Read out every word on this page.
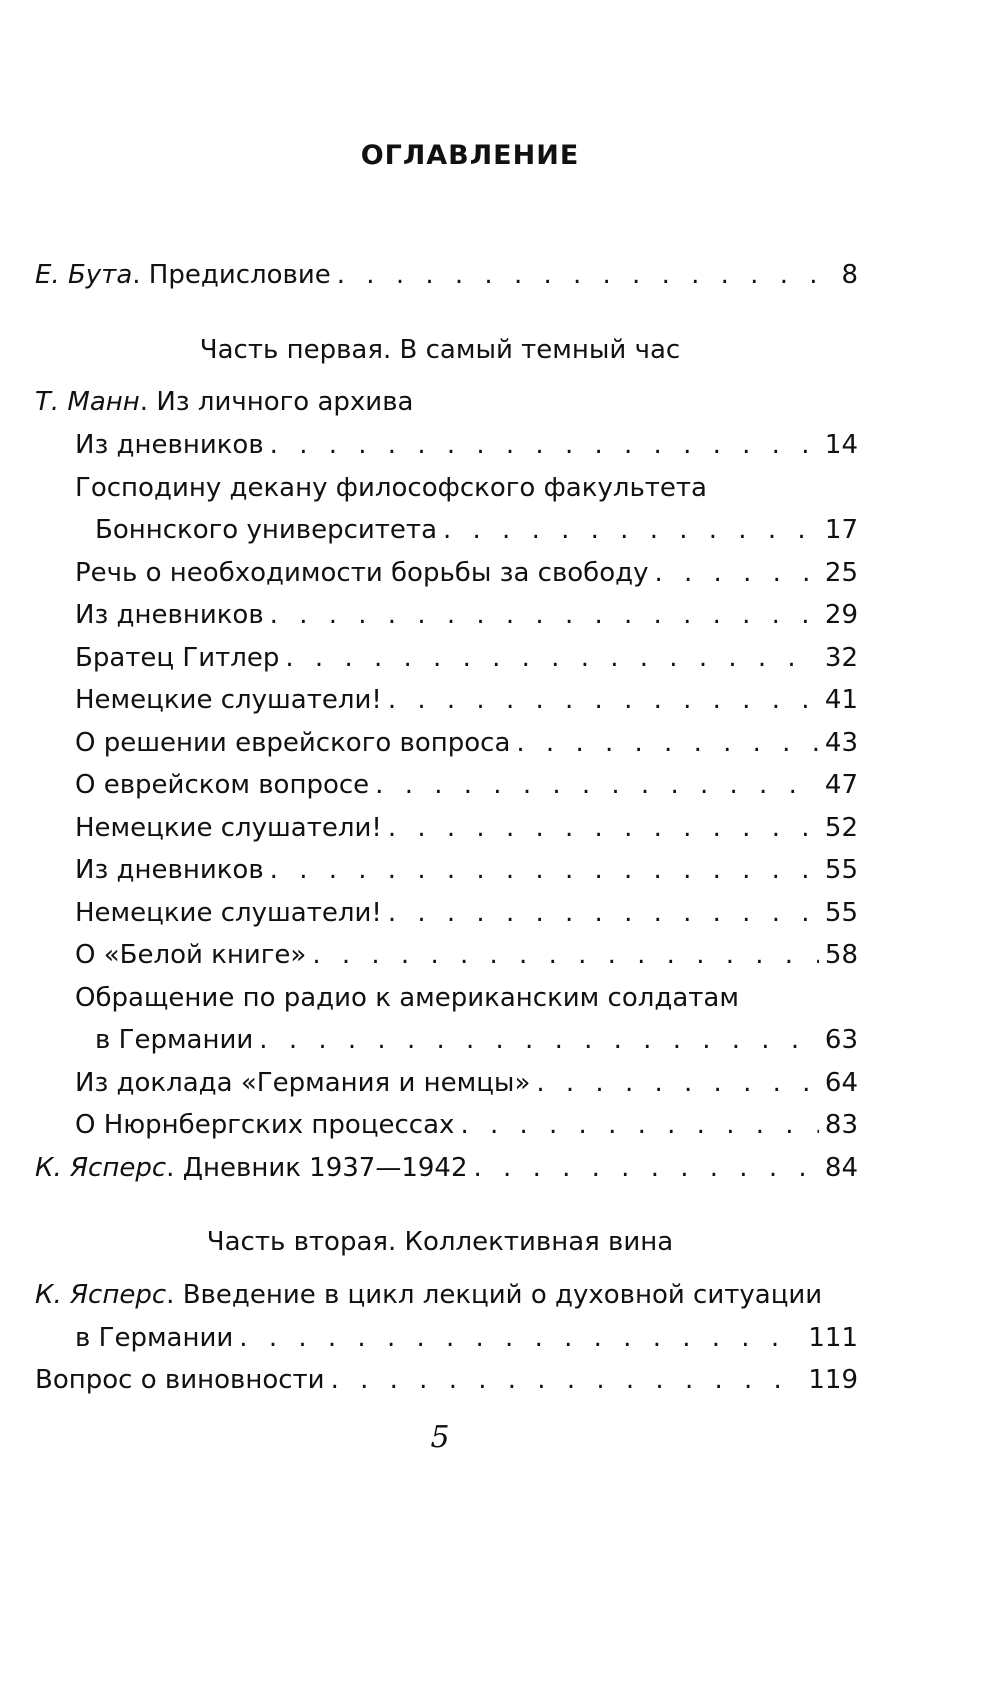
ОГЛАВЛЕНИЕ
Е. Бута. Предисловие . . .	8
Часть первая. В самый темный час
Т. Манн. Из личного архива
Из дневников . . .	14
Господину декану философского факультета
Боннского университета . . .	17
Речь о необходимости борьбы за свободу . . .	25
Из дневников . . .	29
Братец Гитлер . . .	32
Немецкие слушатели! . . .	41
О решении еврейского вопроса . . .	43
О еврейском вопросе . . .	47
Немецкие слушатели! . . .	52
Из дневников . . .	55
Немецкие слушатели! . . .	55
О «Белой книге» . . .	58
Обращение по радио к американским солдатам
в Германии . . .	63
Из доклада «Германия и немцы» . . .	64
О Нюрнбергских процессах . . .	83
К. Ясперс. Дневник 1937—1942 . . .	84
Часть вторая. Коллективная вина
К. Ясперс. Введение в цикл лекций о духовной ситуации
в Германии . . .	111
Вопрос о виновности . . .	119
5
